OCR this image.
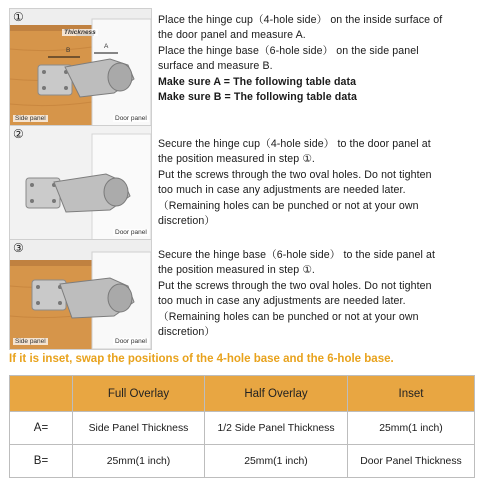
①
Thickness
B
A
Side panel	Door panel

Place the hinge cup（4-hole side） on the inside surface of

the door panel and measure A.

Place the hinge base（6-hole side） on the side panel

surface and measure B.

Make sure A = The following table data

Make sure B = The following table data

②
Door panel

Secure the hinge cup（4-hole side） to the door panel at

the position measured in step ①.

Put the screws through the two oval holes. Do not tighten

too much in case any adjustments are needed later.

（Remaining holes can be punched or not at your own

discretion）

③
Side panel	Door panel

Secure the hinge base（6-hole side） to the side panel at

the position measured in step ①.

Put the screws through the two oval holes. Do not tighten

too much in case any adjustments are needed later.

（Remaining holes can be punched or not at your own

discretion）

If it is inset, swap the positions of the 4-hole base and the 6-hole base.
	Full Overlay	Half Overlay	Inset
A=	Side Panel Thickness	1/2 Side Panel Thickness	25mm(1 inch)
B=	25mm(1 inch)	25mm(1 inch)	Door Panel Thickness
